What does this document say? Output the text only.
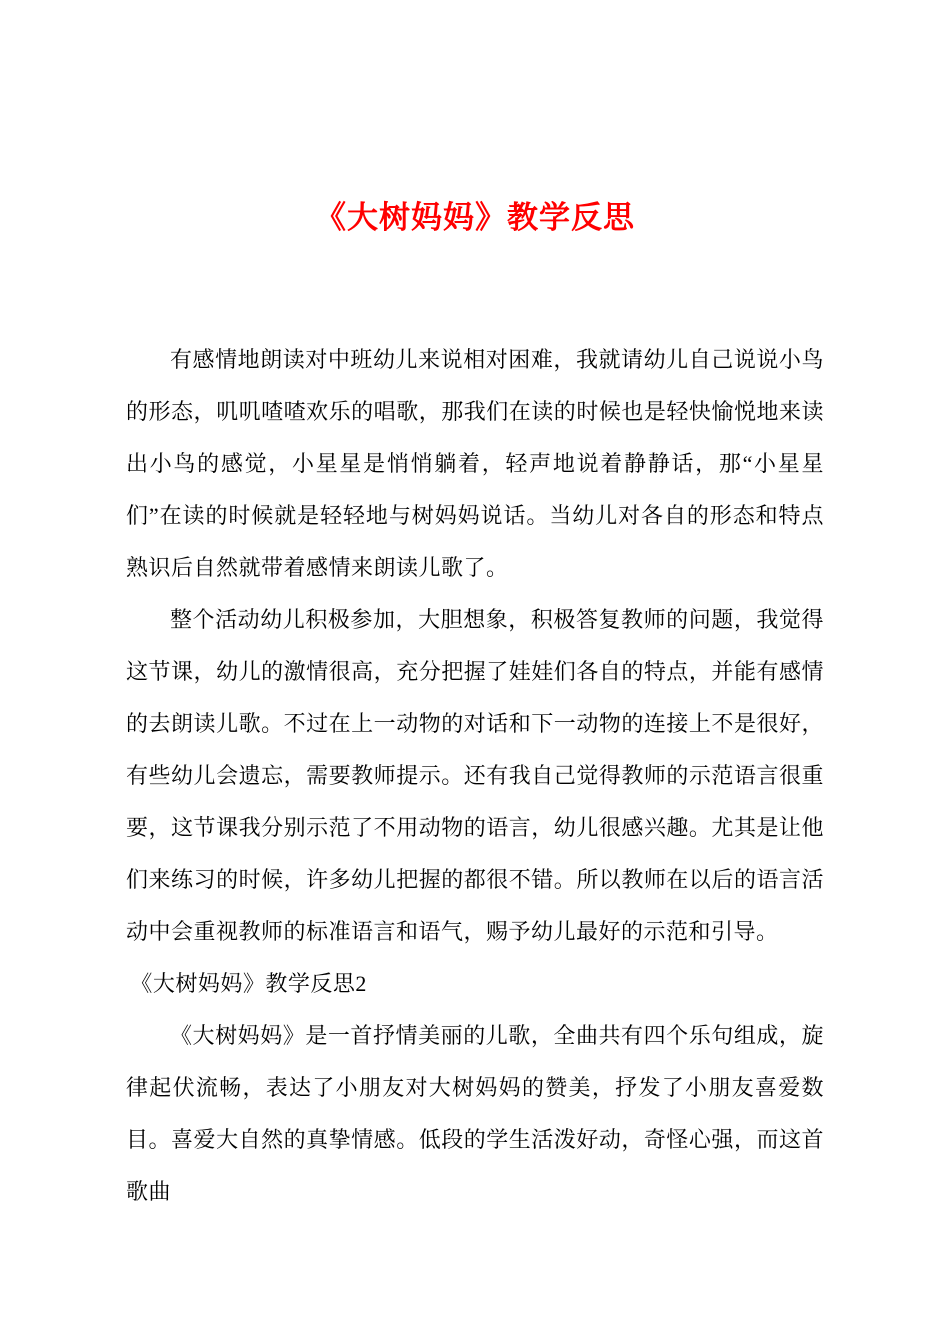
《大树妈妈》教学反思

有感情地朗读对中班幼儿来说相对困难，我就请幼儿自己说说小鸟的形态，叽叽喳喳欢乐的唱歌，那我们在读的时候也是轻快愉悦地来读出小鸟的感觉，小星星是悄悄躺着，轻声地说着静静话，那“小星星们”在读的时候就是轻轻地与树妈妈说话。当幼儿对各自的形态和特点熟识后自然就带着感情来朗读儿歌了。

整个活动幼儿积极参加，大胆想象，积极答复教师的问题，我觉得这节课，幼儿的激情很高，充分把握了娃娃们各自的特点，并能有感情的去朗读儿歌。不过在上一动物的对话和下一动物的连接上不是很好，有些幼儿会遗忘，需要教师提示。还有我自己觉得教师的示范语言很重要，这节课我分别示范了不用动物的语言，幼儿很感兴趣。尤其是让他们来练习的时候，许多幼儿把握的都很不错。所以教师在以后的语言活动中会重视教师的标准语言和语气，赐予幼儿最好的示范和引导。

《大树妈妈》教学反思2

《大树妈妈》是一首抒情美丽的儿歌，全曲共有四个乐句组成，旋律起伏流畅，表达了小朋友对大树妈妈的赞美，抒发了小朋友喜爱数目。喜爱大自然的真挚情感。低段的学生活泼好动，奇怪心强，而这首歌曲
